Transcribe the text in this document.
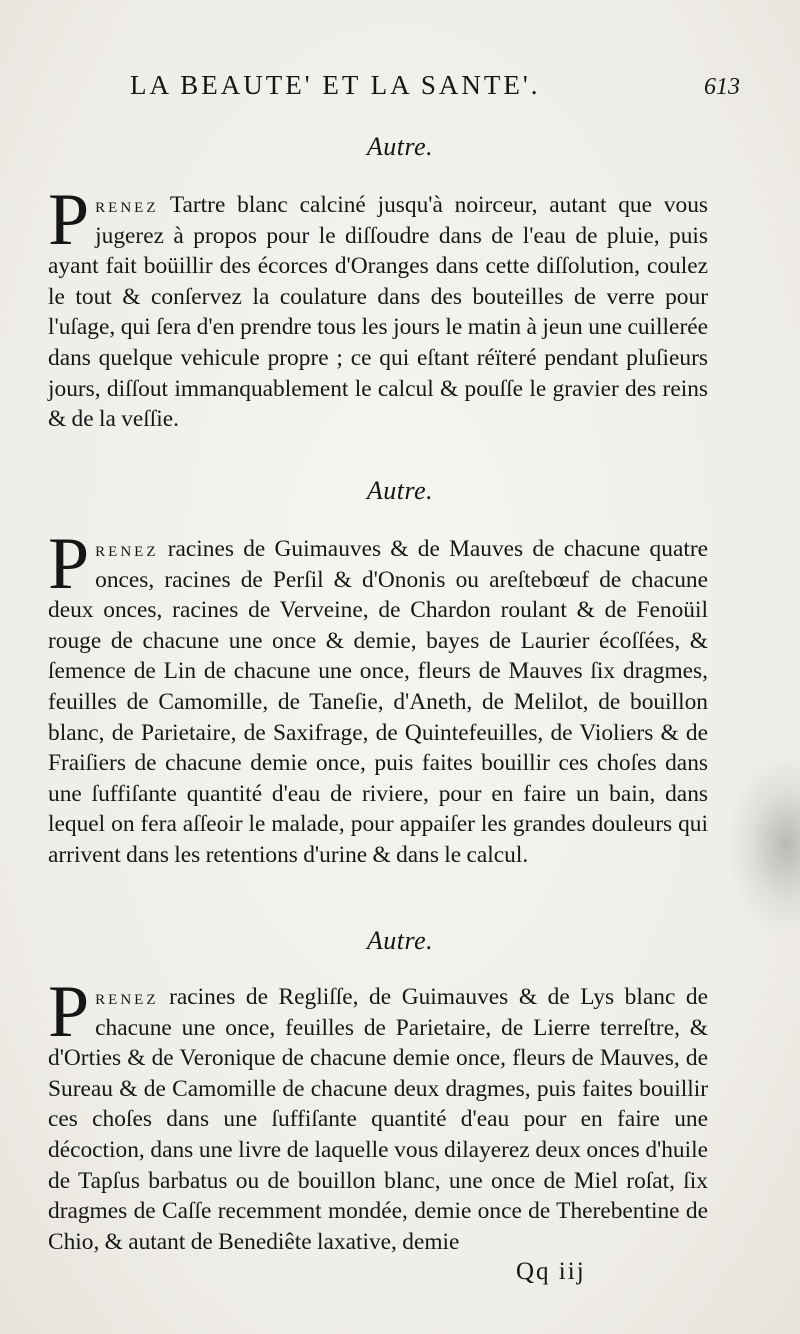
LA BEAUTE' ET LA SANTE'.	613
Autre.
Prenez Tartre blanc calciné jusqu'à noirceur, autant que vous jugerez à propos pour le diſſoudre dans de l'eau de pluie, puis ayant fait boüillir des écorces d'Oranges dans cette diſſolution, coulez le tout & conſervez la coulature dans des bouteilles de verre pour l'uſage, qui ſera d'en prendre tous les jours le matin à jeun une cuillerée dans quelque vehicule propre ; ce qui eſtant réïteré pendant pluſieurs jours, diſſout immanquablement le calcul & pouſſe le gravier des reins & de la veſſie.
Autre.
Prenez racines de Guimauves & de Mauves de chacune quatre onces, racines de Perſil & d'Ononis ou areſtebœuf de chacune deux onces, racines de Verveine, de Chardon roulant & de Fenoüil rouge de chacune une once & demie, bayes de Laurier écoſſées, & ſemence de Lin de chacune une once, fleurs de Mauves ſix dragmes, feuilles de Camomille, de Taneſie, d'Aneth, de Melilot, de bouillon blanc, de Parietaire, de Saxifrage, de Quintefeuilles, de Violiers & de Fraiſiers de chacune demie once, puis faites bouillir ces choſes dans une ſuffiſante quantité d'eau de riviere, pour en faire un bain, dans lequel on fera aſſeoir le malade, pour appaiſer les grandes douleurs qui arrivent dans les retentions d'urine & dans le calcul.
Autre.
Prenez racines de Regliſſe, de Guimauves & de Lys blanc de chacune une once, feuilles de Parietaire, de Lierre terreſtre, & d'Orties & de Veronique de chacune demie once, fleurs de Mauves, de Sureau & de Camomille de chacune deux dragmes, puis faites bouillir ces choſes dans une ſuffiſante quantité d'eau pour en faire une décoction, dans une livre de laquelle vous dilayerez deux onces d'huile de Tapſus barbatus ou de bouillon blanc, une once de Miel roſat, ſix dragmes de Caſſe recemment mondée, demie once de Therebentine de Chio, & autant de Benediête laxative, demie
Qq iij
